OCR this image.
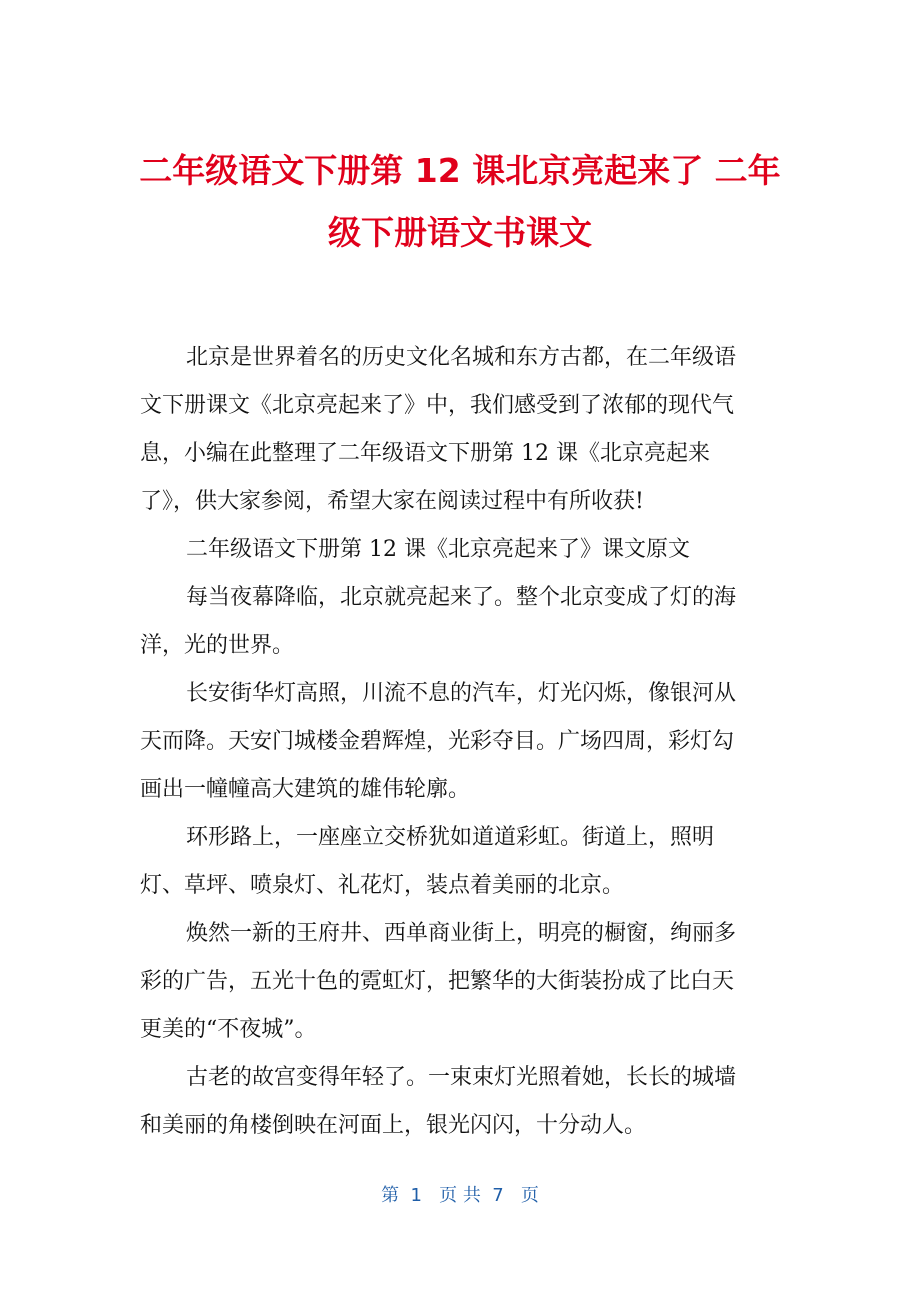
二年级语文下册第 12 课北京亮起来了 二年
级下册语文书课文
北京是世界着名的历史文化名城和东方古都，在二年级语
文下册课文《北京亮起来了》中，我们感受到了浓郁的现代气
息，小编在此整理了二年级语文下册第 12 课《北京亮起来
了》，供大家参阅，希望大家在阅读过程中有所收获!
二年级语文下册第 12 课《北京亮起来了》课文原文
每当夜幕降临，北京就亮起来了。整个北京变成了灯的海
洋，光的世界。
长安街华灯高照，川流不息的汽车，灯光闪烁，像银河从
天而降。天安门城楼金碧辉煌，光彩夺目。广场四周，彩灯勾
画出一幢幢高大建筑的雄伟轮廓。
环形路上，一座座立交桥犹如道道彩虹。街道上，照明
灯、草坪、喷泉灯、礼花灯，装点着美丽的北京。
焕然一新的王府井、西单商业街上，明亮的橱窗，绚丽多
彩的广告，五光十色的霓虹灯，把繁华的大街装扮成了比白天
更美的“不夜城”。
古老的故宫变得年轻了。一束束灯光照着她，长长的城墙
和美丽的角楼倒映在河面上，银光闪闪，十分动人。
第  1   页 共  7   页
